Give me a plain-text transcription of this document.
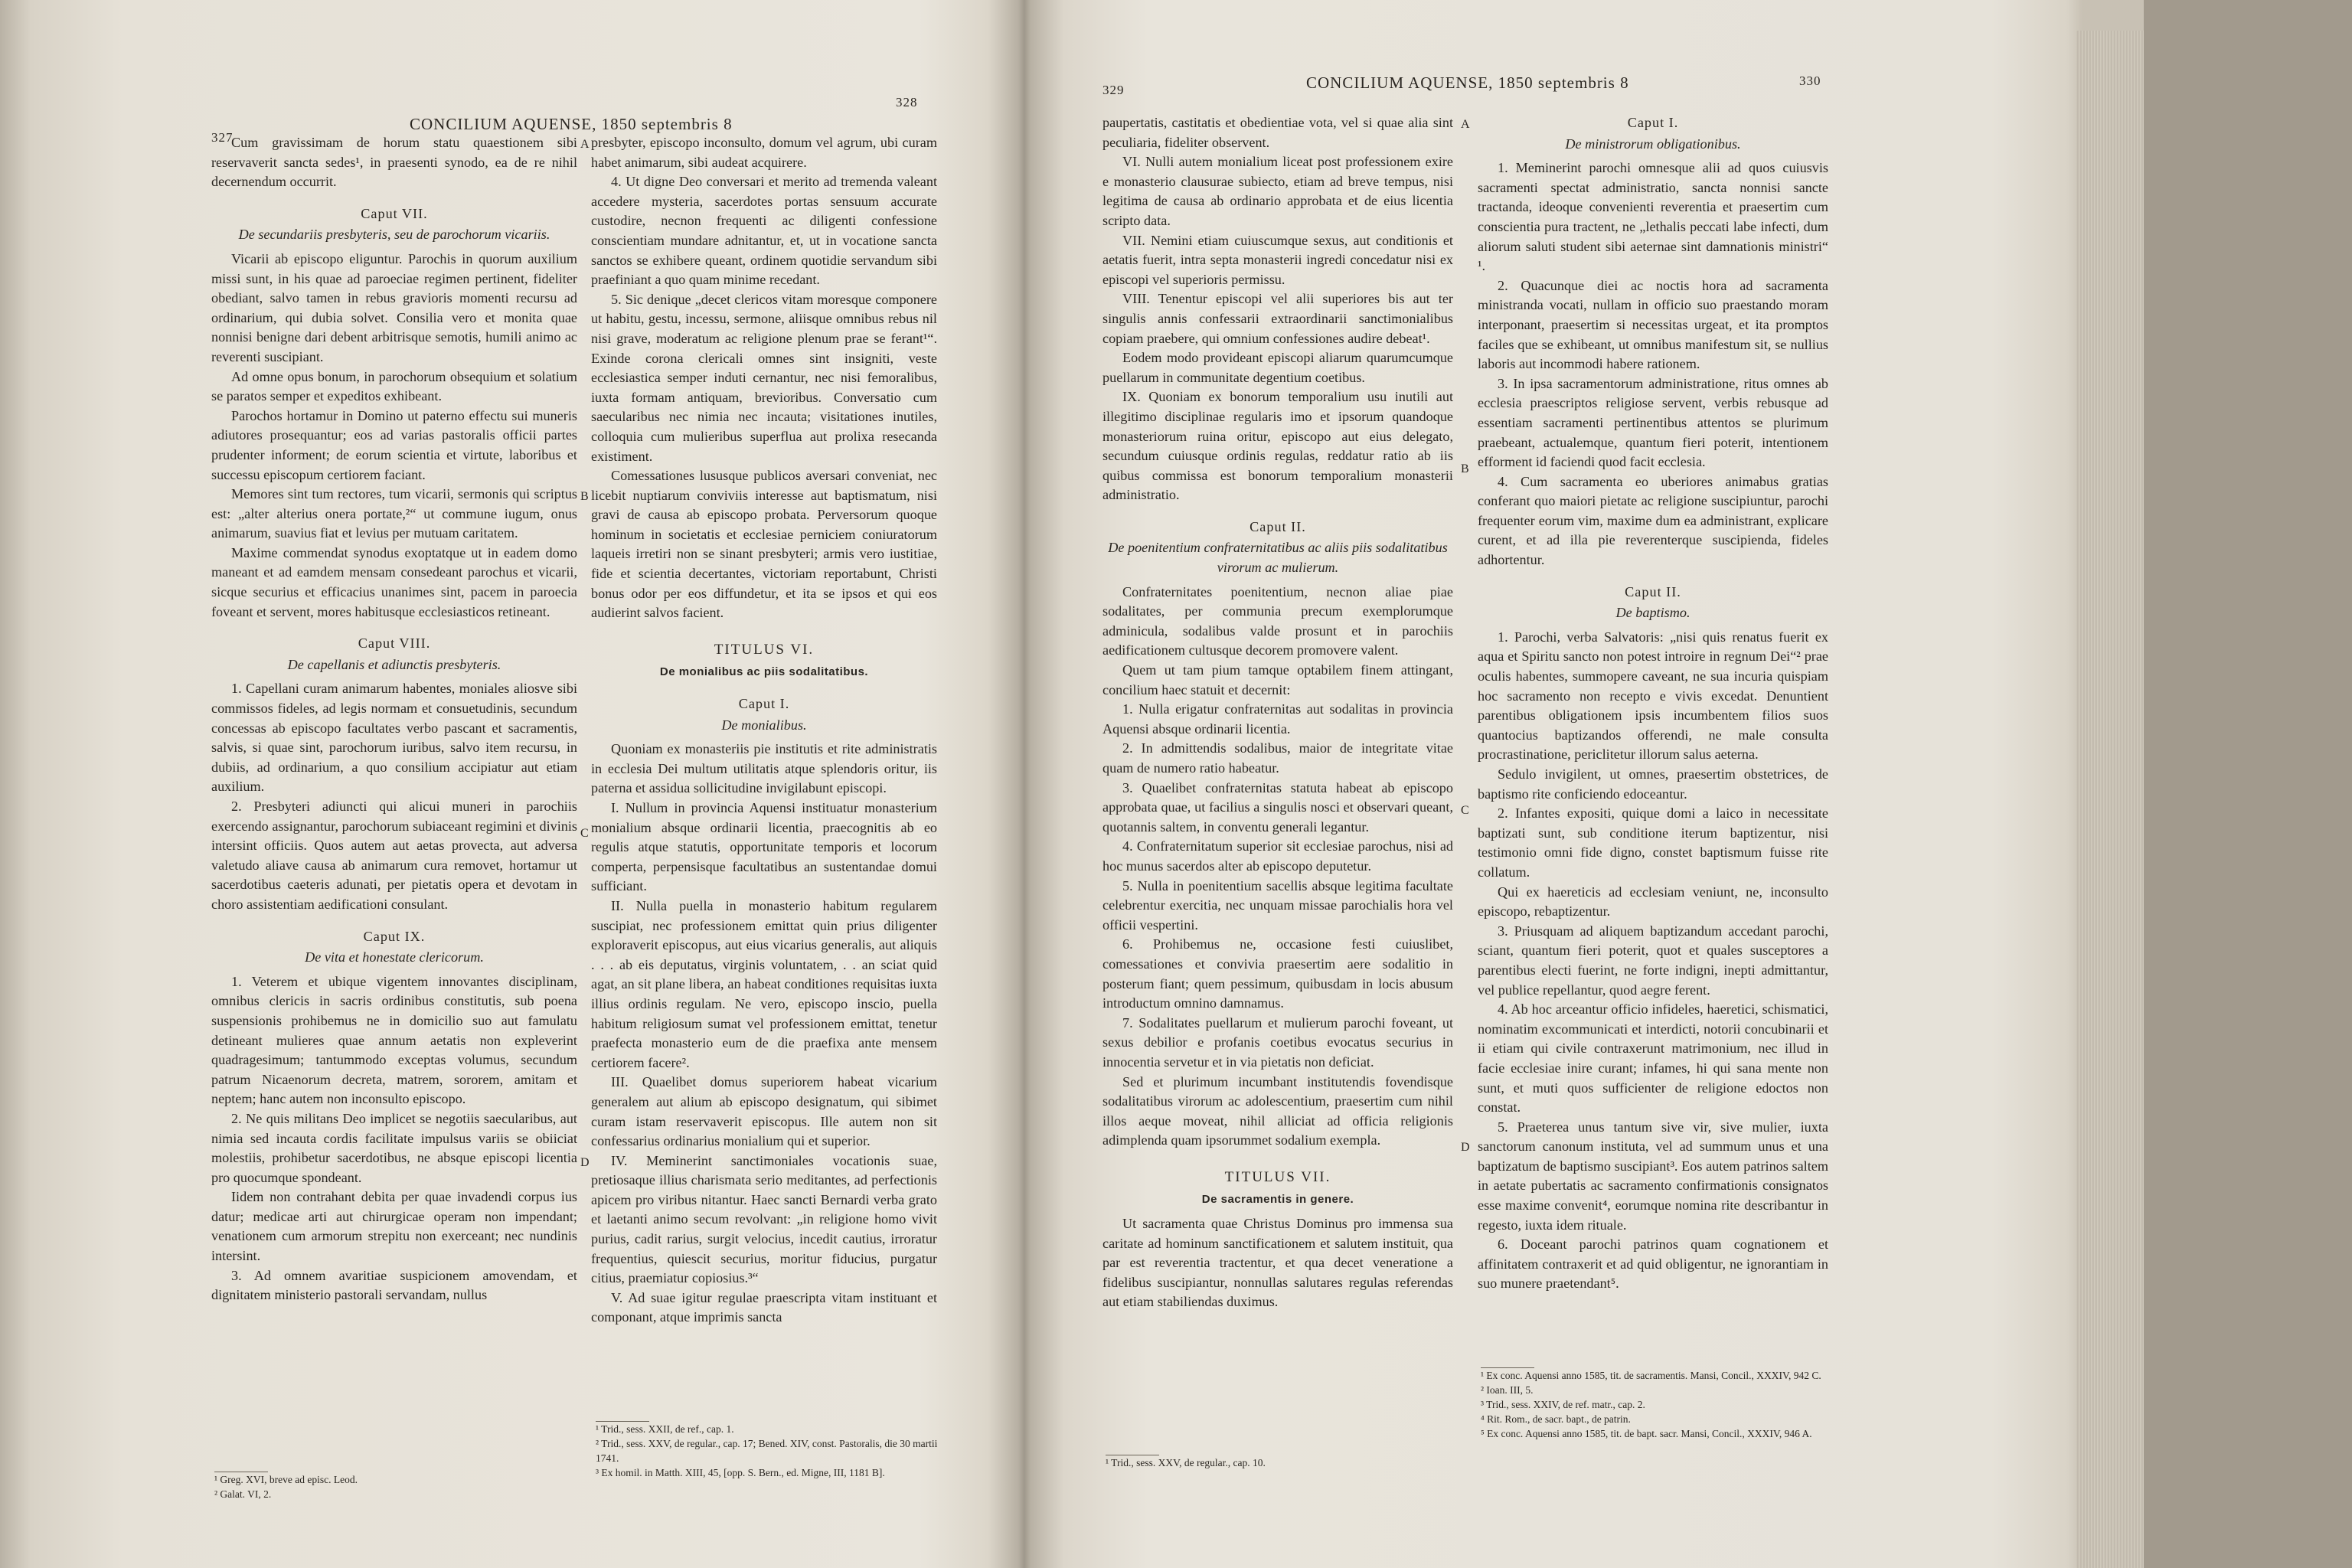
327
CONCILIUM AQUENSE, 1850 septembris 8
328

Cum gravissimam de horum statu quaestionem sibi reservaverit sancta sedes¹, in praesenti synodo, ea de re nihil decernendum occurrit.

Caput VII.

De secundariis presbyteris, seu de parochorum vicariis.

Vicarii ab episcopo eliguntur. Parochis in quorum auxilium missi sunt, in his quae ad paroeciae regimen pertinent, fideliter obediant, salvo tamen in rebus gravioris momenti recursu ad ordinarium, qui dubia solvet. Consilia vero et monita quae nonnisi benigne dari debent arbitrisque semotis, humili animo ac reverenti suscipiant.

Ad omne opus bonum, in parochorum obsequium et solatium se paratos semper et expeditos exhibeant.

Parochos hortamur in Domino ut paterno effectu sui muneris adiutores prosequantur; eos ad varias pastoralis officii partes prudenter informent; de eorum scientia et virtute, laboribus et successu episcopum certiorem faciant.

Memores sint tum rectores, tum vicarii, sermonis qui scriptus est: „alter alterius onera portate,²“ ut commune iugum, onus animarum, suavius fiat et levius per mutuam caritatem.

Maxime commendat synodus exoptatque ut in eadem domo maneant et ad eamdem mensam consedeant parochus et vicarii, sicque securius et efficacius unanimes sint, pacem in paroecia foveant et servent, mores habitusque ecclesiasticos retineant.

Caput VIII.

De capellanis et adiunctis presbyteris.

1. Capellani curam animarum habentes, moniales aliosve sibi commissos fideles, ad legis normam et consuetudinis, secundum concessas ab episcopo facultates verbo pascant et sacramentis, salvis, si quae sint, parochorum iuribus, salvo item recursu, in dubiis, ad ordinarium, a quo consilium accipiatur aut etiam auxilium.

2. Presbyteri adiuncti qui alicui muneri in parochiis exercendo assignantur, parochorum subiaceant regimini et divinis intersint officiis. Quos autem aut aetas provecta, aut adversa valetudo aliave causa ab animarum cura removet, hortamur ut sacerdotibus caeteris adunati, per pietatis opera et devotam in choro assistentiam aedificationi consulant.

Caput IX.

De vita et honestate clericorum.

1. Veterem et ubique vigentem innovantes disciplinam, omnibus clericis in sacris ordinibus constitutis, sub poena suspensionis prohibemus ne in domicilio suo aut famulatu detineant mulieres quae annum aetatis non expleverint quadragesimum; tantummodo exceptas volumus, secundum patrum Nicaenorum decreta, matrem, sororem, amitam et neptem; hanc autem non inconsulto episcopo.

2. Ne quis militans Deo implicet se negotiis saecularibus, aut nimia sed incauta cordis facilitate impulsus variis se obiiciat molestiis, prohibetur sacerdotibus, ne absque episcopi licentia pro quocumque spondeant.

Iidem non contrahant debita per quae invadendi corpus ius datur; medicae arti aut chirurgicae operam non impendant; venationem cum armorum strepitu non exerceant; nec nundinis intersint.

3. Ad omnem avaritiae suspicionem amovendam, et dignitatem ministerio pastorali servandam, nullus

¹ Greg. XVI, breve ad episc. Leod.
² Galat. VI, 2.
A
B
C
D

presbyter, episcopo inconsulto, domum vel agrum, ubi curam habet animarum, sibi audeat acquirere.

4. Ut digne Deo conversari et merito ad tremenda valeant accedere mysteria, sacerdotes portas sensuum accurate custodire, necnon frequenti ac diligenti confessione conscientiam mundare adnitantur, et, ut in vocatione sancta sanctos se exhibere queant, ordinem quotidie servandum sibi praefiniant a quo quam minime recedant.

5. Sic denique „decet clericos vitam moresque componere ut habitu, gestu, incessu, sermone, aliisque omnibus rebus nil nisi grave, moderatum ac religione plenum prae se ferant¹“. Exinde corona clericali omnes sint insigniti, veste ecclesiastica semper induti cernantur, nec nisi femoralibus, iuxta formam antiquam, brevioribus. Conversatio cum saecularibus nec nimia nec incauta; visitationes inutiles, colloquia cum mulieribus superflua aut prolixa resecanda existiment.

Comessationes lususque publicos aversari conveniat, nec licebit nuptiarum conviviis interesse aut baptismatum, nisi gravi de causa ab episcopo probata. Perversorum quoque hominum in societatis et ecclesiae perniciem coniuratorum laqueis irretiri non se sinant presbyteri; armis vero iustitiae, fide et scientia decertantes, victoriam reportabunt, Christi bonus odor per eos diffundetur, et ita se ipsos et qui eos audierint salvos facient.

TITULUS VI.

De monialibus ac piis sodalitatibus.

Caput I.

De monialibus.

Quoniam ex monasteriis pie institutis et rite administratis in ecclesia Dei multum utilitatis atque splendoris oritur, iis paterna et assidua sollicitudine invigilabunt episcopi.

I. Nullum in provincia Aquensi instituatur monasterium monialium absque ordinarii licentia, praecognitis ab eo regulis atque statutis, opportunitate temporis et locorum comperta, perpensisque facultatibus an sustentandae domui sufficiant.

II. Nulla puella in monasterio habitum regularem suscipiat, nec professionem emittat quin prius diligenter exploraverit episcopus, aut eius vicarius generalis, aut aliquis . . . ab eis deputatus, virginis voluntatem, . . an sciat quid agat, an sit plane libera, an habeat conditiones requisitas iuxta illius ordinis regulam. Ne vero, episcopo inscio, puella habitum religiosum sumat vel professionem emittat, tenetur praefecta monasterio eum de die praefixa ante mensem certiorem facere².

III. Quaelibet domus superiorem habeat vicarium generalem aut alium ab episcopo designatum, qui sibimet curam istam reservaverit episcopus. Ille autem non sit confessarius ordinarius monialium qui et superior.

IV. Meminerint sanctimoniales vocationis suae, pretiosaque illius charismata serio meditantes, ad perfectionis apicem pro viribus nitantur. Haec sancti Bernardi verba grato et laetanti animo secum revolvant: „in religione homo vivit purius, cadit rarius, surgit velocius, incedit cautius, irroratur frequentius, quiescit securius, moritur fiducius, purgatur citius, praemiatur copiosius.³“

V. Ad suae igitur regulae praescripta vitam instituant et componant, atque imprimis sancta

¹ Trid., sess. XXII, de ref., cap. 1.
² Trid., sess. XXV, de regular., cap. 17; Bened. XIV, const. Pastoralis, die 30 martii 1741.
³ Ex homil. in Matth. XIII, 45, [opp. S. Bern., ed. Migne, III, 1181 B].
329	CONCILIUM AQUENSE, 1850 septembris 8	330

paupertatis, castitatis et obedientiae vota, vel si quae alia sint peculiaria, fideliter observent.

VI. Nulli autem monialium liceat post professionem exire e monasterio clausurae subiecto, etiam ad breve tempus, nisi legitima de causa ab ordinario approbata et de eius licentia scripto data.

VII. Nemini etiam cuiuscumque sexus, aut conditionis et aetatis fuerit, intra septa monasterii ingredi concedatur nisi ex episcopi vel superioris permissu.

VIII. Tenentur episcopi vel alii superiores bis aut ter singulis annis confessarii extraordinarii sanctimonialibus copiam praebere, qui omnium confessiones audire debeat¹.

Eodem modo provideant episcopi aliarum quarumcumque puellarum in communitate degentium coetibus.

IX. Quoniam ex bonorum temporalium usu inutili aut illegitimo disciplinae regularis imo et ipsorum quandoque monasteriorum ruina oritur, episcopo aut eius delegato, secundum cuiusque ordinis regulas, reddatur ratio ab iis quibus commissa est bonorum temporalium monasterii administratio.

Caput II.

De poenitentium confraternitatibus ac aliis piis sodalitatibus virorum ac mulierum.

Confraternitates poenitentium, necnon aliae piae sodalitates, per communia precum exemplorumque adminicula, sodalibus valde prosunt et in parochiis aedificationem cultusque decorem promovere valent.

Quem ut tam pium tamque optabilem finem attingant, concilium haec statuit et decernit:

1. Nulla erigatur confraternitas aut sodalitas in provincia Aquensi absque ordinarii licentia.

2. In admittendis sodalibus, maior de integritate vitae quam de numero ratio habeatur.

3. Quaelibet confraternitas statuta habeat ab episcopo approbata quae, ut facilius a singulis nosci et observari queant, quotannis saltem, in conventu generali legantur.

4. Confraternitatum superior sit ecclesiae parochus, nisi ad hoc munus sacerdos alter ab episcopo deputetur.

5. Nulla in poenitentium sacellis absque legitima facultate celebrentur exercitia, nec unquam missae parochialis hora vel officii vespertini.

6. Prohibemus ne, occasione festi cuiuslibet, comessationes et convivia praesertim aere sodalitio in posterum fiant; quem pessimum, quibusdam in locis abusum introductum omnino damnamus.

7. Sodalitates puellarum et mulierum parochi foveant, ut sexus debilior e profanis coetibus evocatus securius in innocentia servetur et in via pietatis non deficiat.

Sed et plurimum incumbant institutendis fovendisque sodalitatibus virorum ac adolescentium, praesertim cum nihil illos aeque moveat, nihil alliciat ad officia religionis adimplenda quam ipsorummet sodalium exempla.

TITULUS VII.

De sacramentis in genere.

Ut sacramenta quae Christus Dominus pro immensa sua caritate ad hominum sanctificationem et salutem instituit, qua par est reverentia tractentur, et qua decet veneratione a fidelibus suscipiantur, nonnullas salutares regulas referendas aut etiam stabiliendas duximus.

¹ Trid., sess. XXV, de regular., cap. 10.
A
B
C
D

Caput I.

De ministrorum obligationibus.

1. Meminerint parochi omnesque alii ad quos cuiusvis sacramenti spectat administratio, sancta nonnisi sancte tractanda, ideoque convenienti reverentia et praesertim cum conscientia pura tractent, ne „lethalis peccati labe infecti, dum aliorum saluti student sibi aeternae sint damnationis ministri“ ¹.

2. Quacunque diei ac noctis hora ad sacramenta ministranda vocati, nullam in officio suo praestando moram interponant, praesertim si necessitas urgeat, et ita promptos faciles que se exhibeant, ut omnibus manifestum sit, se nullius laboris aut incommodi habere rationem.

3. In ipsa sacramentorum administratione, ritus omnes ab ecclesia praescriptos religiose servent, verbis rebusque ad essentiam sacramenti pertinentibus attentos se plurimum praebeant, actualemque, quantum fieri poterit, intentionem efforment id faciendi quod facit ecclesia.

4. Cum sacramenta eo uberiores animabus gratias conferant quo maiori pietate ac religione suscipiuntur, parochi frequenter eorum vim, maxime dum ea administrant, explicare curent, et ad illa pie reverenterque suscipienda, fideles adhortentur.

Caput II.

De baptismo.

1. Parochi, verba Salvatoris: „nisi quis renatus fuerit ex aqua et Spiritu sancto non potest introire in regnum Dei“² prae oculis habentes, summopere caveant, ne sua incuria quispiam hoc sacramento non recepto e vivis excedat. Denuntient parentibus obligationem ipsis incumbentem filios suos quantocius baptizandos offerendi, ne male consulta procrastinatione, periclitetur illorum salus aeterna.

Sedulo invigilent, ut omnes, praesertim obstetrices, de baptismo rite conficiendo edoceantur.

2. Infantes expositi, quique domi a laico in necessitate baptizati sunt, sub conditione iterum baptizentur, nisi testimonio omni fide digno, constet baptismum fuisse rite collatum.

Qui ex haereticis ad ecclesiam veniunt, ne, inconsulto episcopo, rebaptizentur.

3. Priusquam ad aliquem baptizandum accedant parochi, sciant, quantum fieri poterit, quot et quales susceptores a parentibus electi fuerint, ne forte indigni, inepti admittantur, vel publice repellantur, quod aegre ferent.

4. Ab hoc arceantur officio infideles, haeretici, schismatici, nominatim excommunicati et interdicti, notorii concubinarii et ii etiam qui civile contraxerunt matrimonium, nec illud in facie ecclesiae inire curant; infames, hi qui sana mente non sunt, et muti quos sufficienter de religione edoctos non constat.

5. Praeterea unus tantum sive vir, sive mulier, iuxta sanctorum canonum instituta, vel ad summum unus et una baptizatum de baptismo suscipiant³. Eos autem patrinos saltem in aetate pubertatis ac sacramento confirmationis consignatos esse maxime convenit⁴, eorumque nomina rite describantur in regesto, iuxta idem rituale.

6. Doceant parochi patrinos quam cognationem et affinitatem contraxerit et ad quid obligentur, ne ignorantiam in suo munere praetendant⁵.

¹ Ex conc. Aquensi anno 1585, tit. de sacramentis. Mansi, Concil., XXXIV, 942 C.
² Ioan. III, 5.
³ Trid., sess. XXIV, de ref. matr., cap. 2.
⁴ Rit. Rom., de sacr. bapt., de patrin.
⁵ Ex conc. Aquensi anno 1585, tit. de bapt. sacr. Mansi, Concil., XXXIV, 946 A.
